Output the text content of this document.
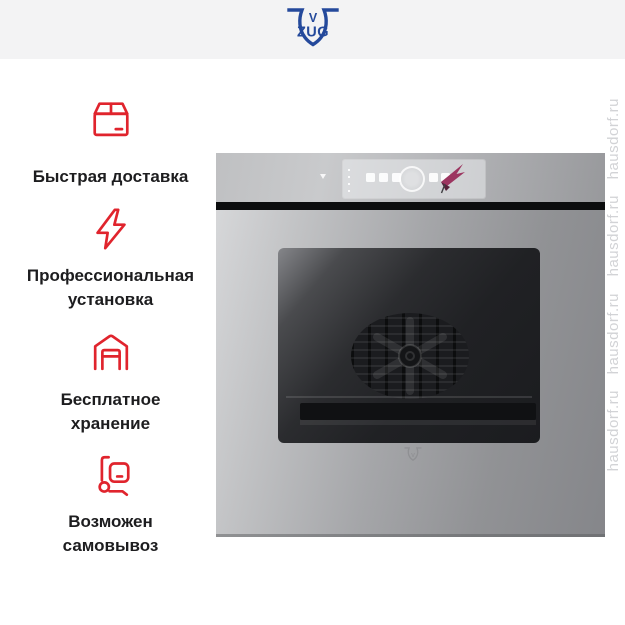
V
ZUG
Быстрая доставка
Профессиональная
установка
Бесплатное
хранение
Возможен
самовывоз
V
hausdorf.ru
hausdorf.ru
hausdorf.ru
hausdorf.ru
